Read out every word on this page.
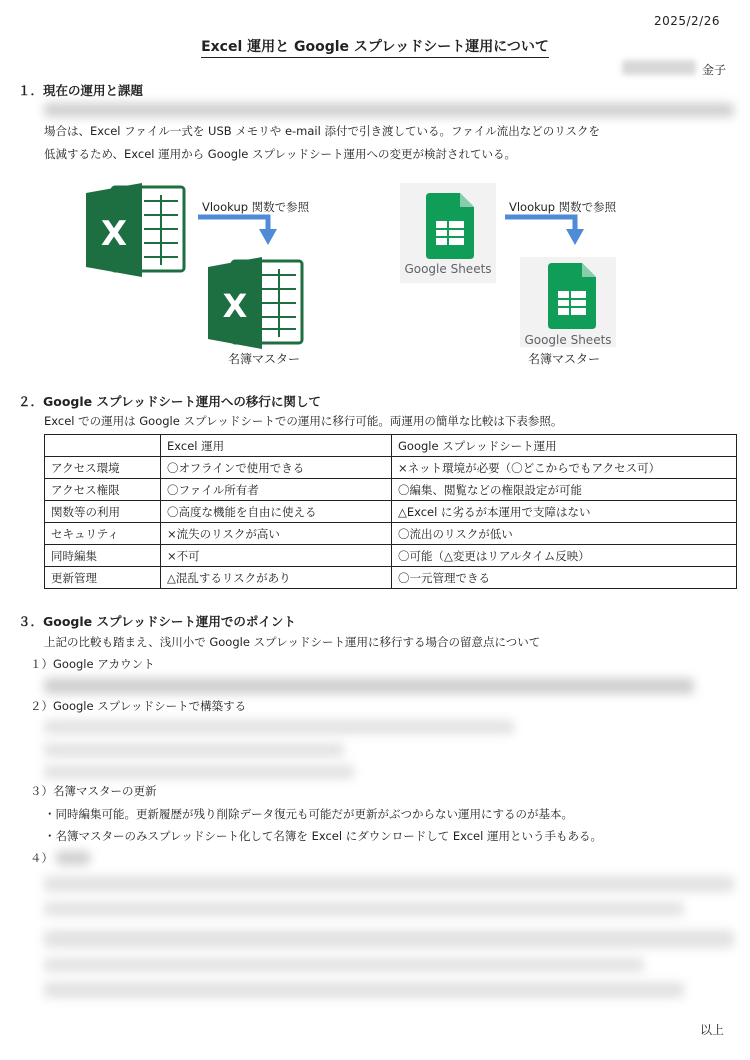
2025/2/26
Excel 運用と Google スプレッドシート運用について
金子
１．現在の運用と課題
場合は、Excel ファイル一式を USB メモリや e-mail 添付で引き渡している。ファイル流出などのリスクを
低減するため、Excel 運用から Google スプレッドシート運用への変更が検討されている。
X
X
Vlookup 関数で参照	Vlookup 関数で参照
Google Sheets
Google Sheets
名簿マスター	名簿マスター
２．Google スプレッドシート運用への移行に関して
Excel での運用は Google スプレッドシートでの運用に移行可能。両運用の簡単な比較は下表参照。
	Excel 運用	Google スプレッドシート運用
アクセス環境	〇オフラインで使用できる	×ネット環境が必要（〇どこからでもアクセス可）
アクセス権限	〇ファイル所有者	〇編集、閲覧などの権限設定が可能
関数等の利用	〇高度な機能を自由に使える	△Excel に劣るが本運用で支障はない
セキュリティ	×流失のリスクが高い	〇流出のリスクが低い
同時編集	×不可	〇可能（△変更はリアルタイム反映）
更新管理	△混乱するリスクがあり	〇一元管理できる
３．Google スプレッドシート運用でのポイント
上記の比較も踏まえ、浅川小で Google スプレッドシート運用に移行する場合の留意点について
１）Google アカウント
２）Google スプレッドシートで構築する
３）名簿マスターの更新
・同時編集可能。更新履歴が残り削除データ復元も可能だが更新がぶつからない運用にするのが基本。
・名簿マスターのみスプレッドシート化して名簿を Excel にダウンロードして Excel 運用という手もある。
４）
以上
